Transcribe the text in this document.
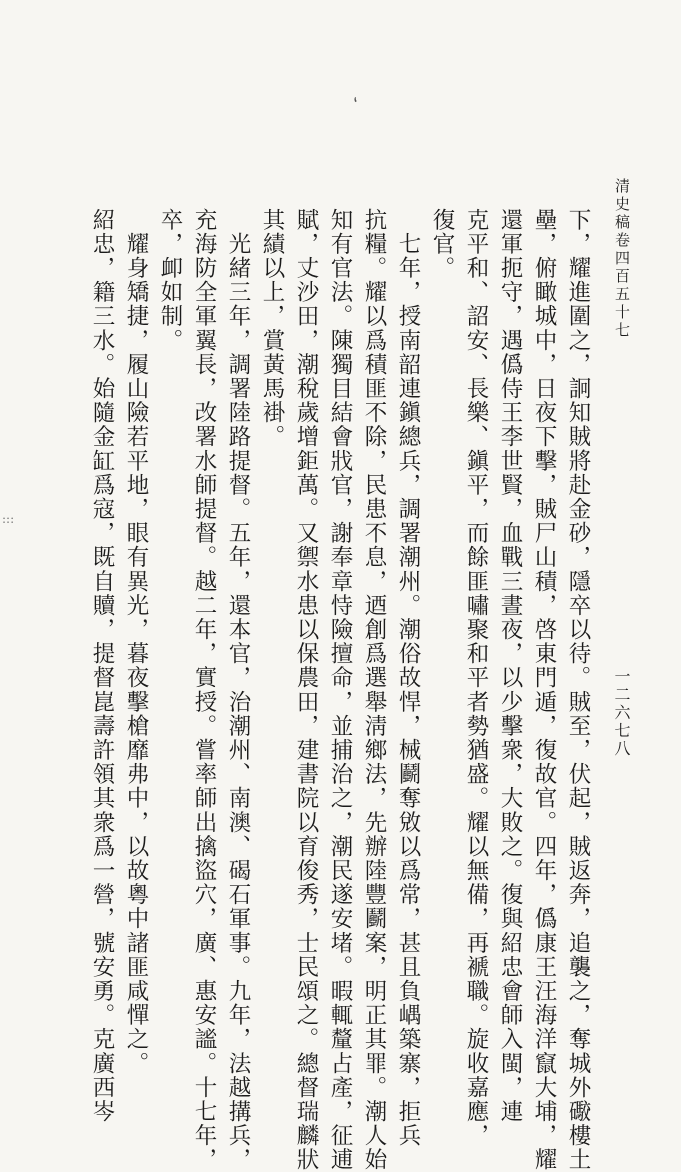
ʻ
:::
清史稿卷四百五十七
一二六七八
下，耀進圍之，詗知賊將赴金砂，隱卒以待。賊至，伏起，賊返奔，追襲之，奪城外礮樓土
壘，俯瞰城中，日夜下擊，賊尸山積，啓東門遁，復故官。四年，僞康王汪海洋竄大埔，耀
還軍扼守，遇僞侍王李世賢，血戰三晝夜，以少擊衆，大敗之。復與紹忠會師入閩，連
克平和、詔安、長樂、鎭平，而餘匪嘯聚和平者勢猶盛。耀以無備，再褫職。旋收嘉應，
復官。
　七年，授南韶連鎭總兵，調署潮州。潮俗故悍，械鬬奪敓以爲常，甚且負嵎築寨，拒兵
抗糧。耀以爲積匪不除，民患不息，迺創爲選舉淸鄉法，先辦陸豐鬬案，明正其罪。潮人始
知有官法。陳獨目結會戕官，謝奉章恃險擅命，並捕治之，潮民遂安堵。暇輒釐占產，征逋
賦，丈沙田，潮稅歲增鉅萬。又禦水患以保農田，建書院以育俊秀，士民頌之。總督瑞麟狀
其績以上，賞黃馬褂。
　光緒三年，調署陸路提督。五年，還本官，治潮州、南澳、碣石軍事。九年，法越搆兵，
充海防全軍翼長，改署水師提督。越二年，實授。嘗率師出擒盜穴，廣、惠安謐。十七年，
卒，卹如制。
　耀身矯捷，履山險若平地，眼有異光，暮夜擊槍靡弗中，以故粵中諸匪咸憚之。
紹忠，籍三水。始隨金缸爲寇，既自贖，提督崑壽許領其衆爲一營，號安勇。克廣西岑
